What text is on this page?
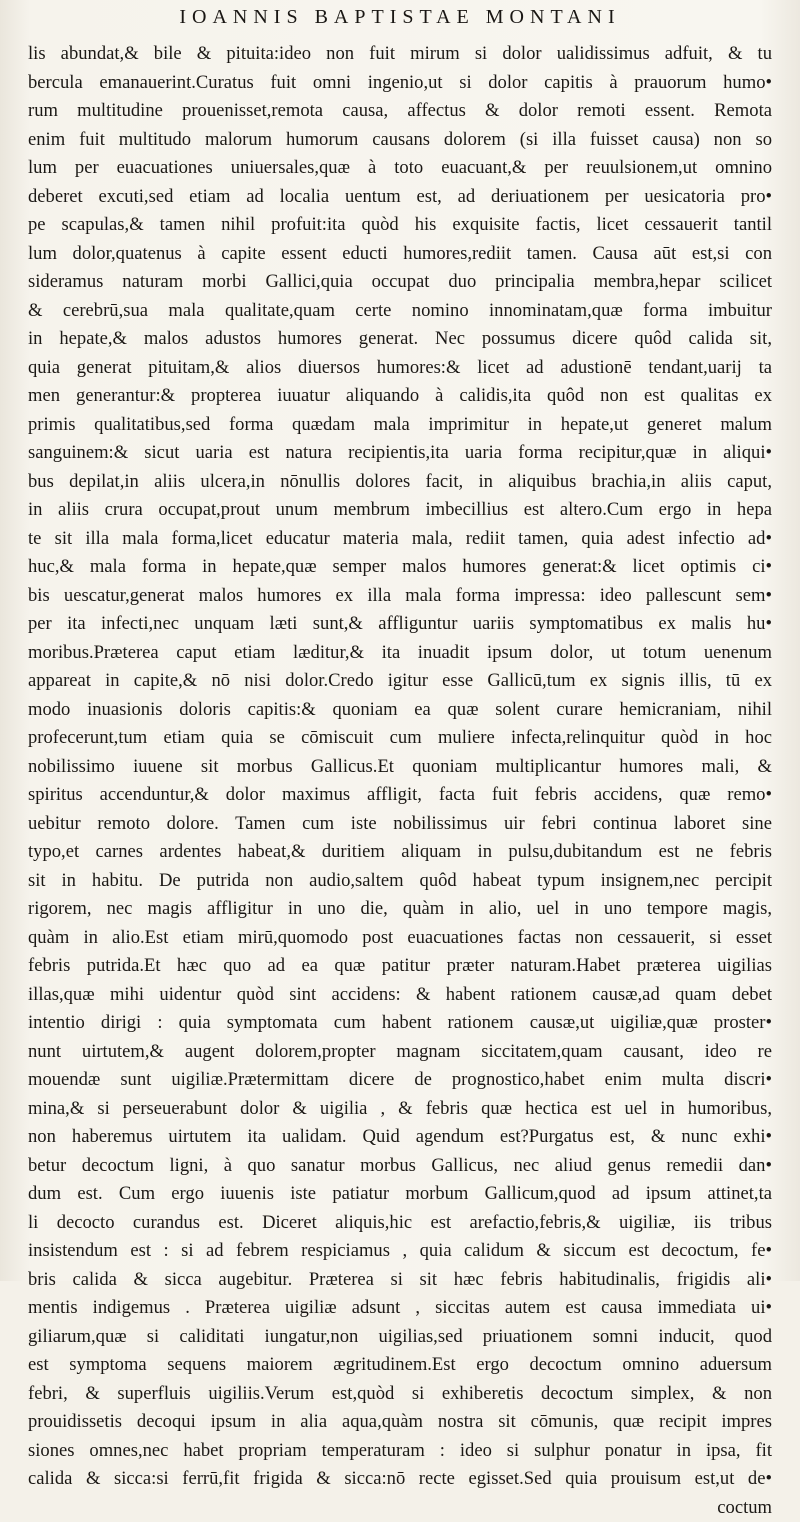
IOANNIS BAPTISTAE MONTANI
lis abundat,& bile & pituita:ideo non fuit mirum si dolor ualidissimus adfuit, & tu
bercula emanauerint.Curatus fuit omni ingenio,ut si dolor capitis à prauorum humo•
rum multitudine prouenisset,remota causa, affectus & dolor remoti essent. Remota
enim fuit multitudo malorum humorum causans dolorem (si illa fuisset causa) non so
lum per euacuationes uniuersales,quæ à toto euacuant,& per reuulsionem,ut omnino
deberet excuti,sed etiam ad localia uentum est, ad deriuationem per uesicatoria pro•
pe scapulas,& tamen nihil profuit:ita quòd his exquisite factis, licet cessauerit tantil
lum dolor,quatenus à capite essent educti humores,rediit tamen. Causa aūt est,si con
sideramus naturam morbi Gallici,quia occupat duo principalia membra,hepar scilicet
& cerebrū,sua mala qualitate,quam certe nomino innominatam,quæ forma imbuitur
in hepate,& malos adustos humores generat. Nec possumus dicere quôd calida sit,
quia generat pituitam,& alios diuersos humores:& licet ad adustionē tendant,uarij ta
men generantur:& propterea iuuatur aliquando à calidis,ita quôd non est qualitas ex
primis qualitatibus,sed forma quædam mala imprimitur in hepate,ut generet malum
sanguinem:& sicut uaria est natura recipientis,ita uaria forma recipitur,quæ in aliqui•
bus depilat,in aliis ulcera,in nōnullis dolores facit, in aliquibus brachia,in aliis caput,
in aliis crura occupat,prout unum membrum imbecillius est altero.Cum ergo in hepa
te sit illa mala forma,licet educatur materia mala, rediit tamen, quia adest infectio ad•
huc,& mala forma in hepate,quæ semper malos humores generat:& licet optimis ci•
bis uescatur,generat malos humores ex illa mala forma impressa: ideo pallescunt sem•
per ita infecti,nec unquam læti sunt,& affliguntur uariis symptomatibus ex malis hu•
moribus.Præterea caput etiam læditur,& ita inuadit ipsum dolor, ut totum uenenum
appareat in capite,& nō nisi dolor.Credo igitur esse Gallicū,tum ex signis illis, tū ex
modo inuasionis doloris capitis:& quoniam ea quæ solent curare hemicraniam, nihil
profecerunt,tum etiam quia se cōmiscuit cum muliere infecta,relinquitur quòd in hoc
nobilissimo iuuene sit morbus Gallicus.Et quoniam multiplicantur humores mali, &
spiritus accenduntur,& dolor maximus affligit, facta fuit febris accidens, quæ remo•
uebitur remoto dolore. Tamen cum iste nobilissimus uir febri continua laboret sine
typo,et carnes ardentes habeat,& duritiem aliquam in pulsu,dubitandum est ne febris
sit in habitu. De putrida non audio,saltem quôd habeat typum insignem,nec percipit
rigorem, nec magis affligitur in uno die, quàm in alio, uel in uno tempore magis,
quàm in alio.Est etiam mirū,quomodo post euacuationes factas non cessauerit, si esset
febris putrida.Et hæc quo ad ea quæ patitur præter naturam.Habet præterea uigilias
illas,quæ mihi uidentur quòd sint accidens: & habent rationem causæ,ad quam debet
intentio dirigi : quia symptomata cum habent rationem causæ,ut uigiliæ,quæ proster•
nunt uirtutem,& augent dolorem,propter magnam siccitatem,quam causant, ideo re
mouendæ sunt uigiliæ.Prætermittam dicere de prognostico,habet enim multa discri•
mina,& si perseuerabunt dolor & uigilia , & febris quæ hectica est uel in humoribus,
non haberemus uirtutem ita ualidam. Quid agendum est?Purgatus est, & nunc exhi•
betur decoctum ligni, à quo sanatur morbus Gallicus, nec aliud genus remedii dan•
dum est. Cum ergo iuuenis iste patiatur morbum Gallicum,quod ad ipsum attinet,ta
li decocto curandus est. Diceret aliquis,hic est arefactio,febris,& uigiliæ, iis tribus
insistendum est : si ad febrem respiciamus , quia calidum & siccum est decoctum, fe•
bris calida & sicca augebitur. Præterea si sit hæc febris habitudinalis, frigidis ali•
mentis indigemus . Præterea uigiliæ adsunt , siccitas autem est causa immediata ui•
giliarum,quæ si caliditati iungatur,non uigilias,sed priuationem somni inducit, quod
est symptoma sequens maiorem ægritudinem.Est ergo decoctum omnino aduersum
febri, & superfluis uigiliis.Verum est,quòd si exhiberetis decoctum simplex, & non
prouidissetis decoqui ipsum in alia aqua,quàm nostra sit cōmunis, quæ recipit impres
siones omnes,nec habet propriam temperaturam : ideo si sulphur ponatur in ipsa, fit
calida & sicca:si ferrū,fit frigida & sicca:nō recte egisset.Sed quia prouisum est,ut de•
coctum
